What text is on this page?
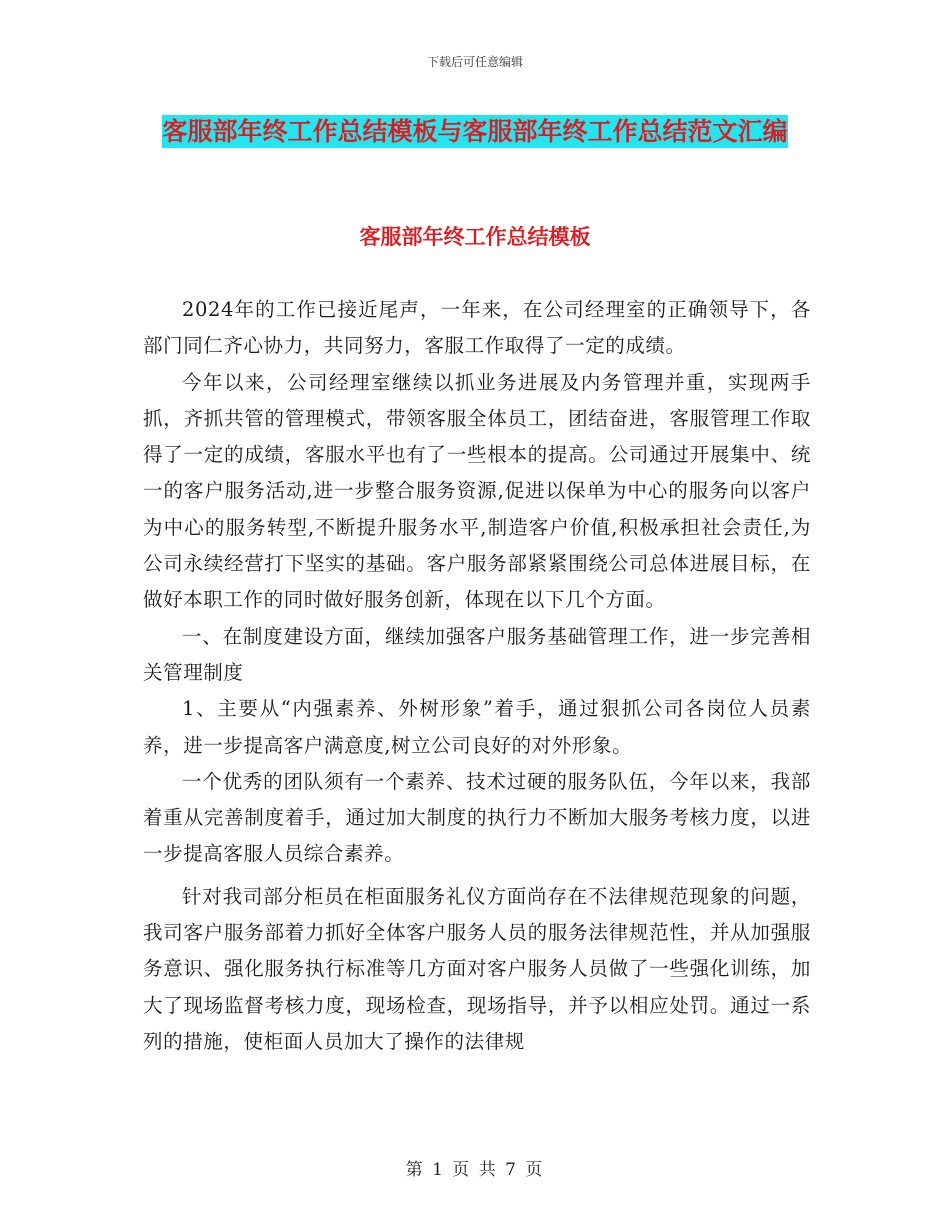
下载后可任意编辑
客服部年终工作总结模板与客服部年终工作总结范文汇编
客服部年终工作总结模板

2024年的工作已接近尾声，一年来，在公司经理室的正确领导下，各部门同仁齐心协力，共同努力，客服工作取得了一定的成绩。

今年以来，公司经理室继续以抓业务进展及内务管理并重，实现两手抓，齐抓共管的管理模式，带领客服全体员工，团结奋进，客服管理工作取得了一定的成绩，客服水平也有了一些根本的提高。公司通过开展集中、统一的客户服务活动,进一步整合服务资源,促进以保单为中心的服务向以客户为中心的服务转型,不断提升服务水平,制造客户价值,积极承担社会责任,为公司永续经营打下坚实的基础。客户服务部紧紧围绕公司总体进展目标，在做好本职工作的同时做好服务创新，体现在以下几个方面。

一、在制度建设方面，继续加强客户服务基础管理工作，进一步完善相关管理制度

1、主要从“内强素养、外树形象”着手，通过狠抓公司各岗位人员素养，进一步提高客户满意度,树立公司良好的对外形象。

一个优秀的团队须有一个素养、技术过硬的服务队伍，今年以来，我部着重从完善制度着手，通过加大制度的执行力不断加大服务考核力度，以进一步提高客服人员综合素养。

针对我司部分柜员在柜面服务礼仪方面尚存在不法律规范现象的问题，我司客户服务部着力抓好全体客户服务人员的服务法律规范性，并从加强服务意识、强化服务执行标准等几方面对客户服务人员做了一些强化训练，加大了现场监督考核力度，现场检查，现场指导，并予以相应处罚。通过一系列的措施，使柜面人员加大了操作的法律规

第 1 页 共 7 页
